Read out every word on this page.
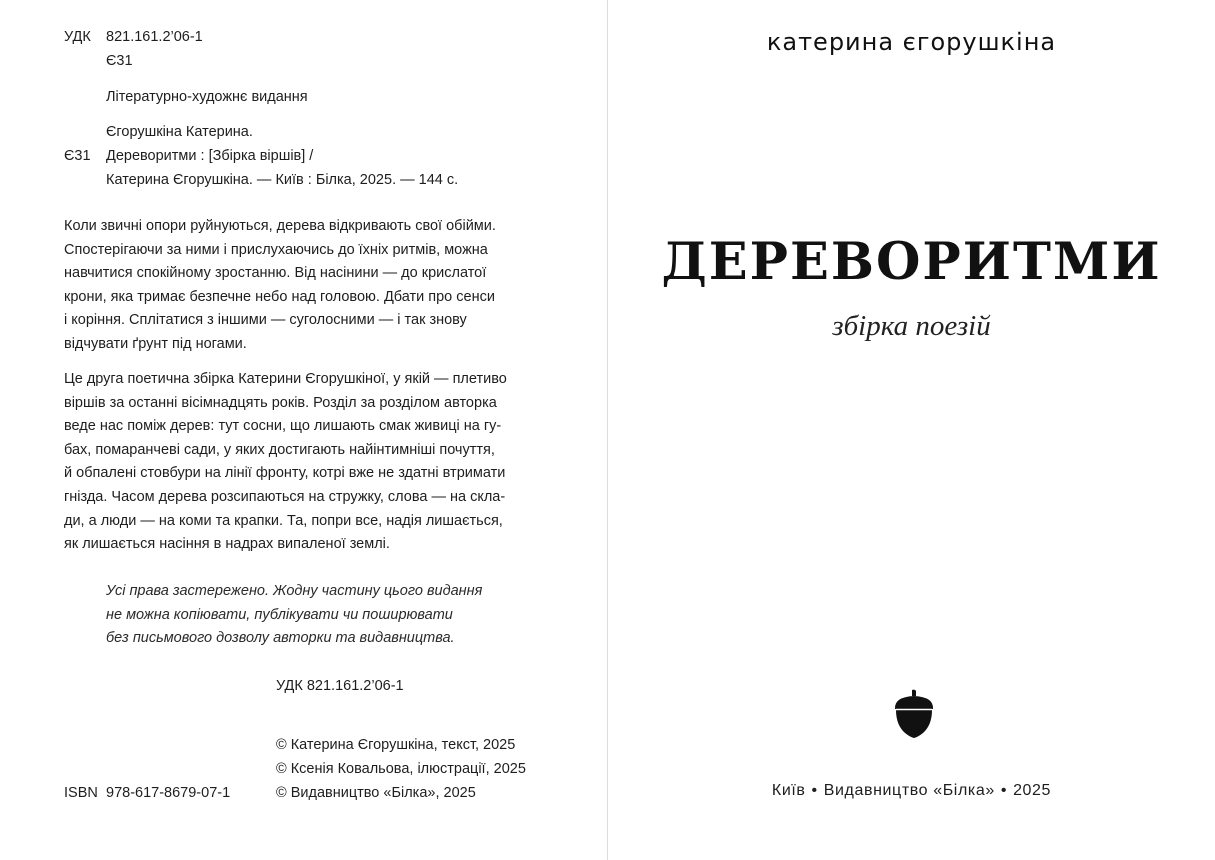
УДК 821.161.2’06-1
Є31
Літературно-художнє видання
Єгорушкіна Катерина.
Є31 Дереворитми : [Збірка віршів] /
Катерина Єгорушкіна. — Київ : Білка, 2025. — 144 с.
Коли звичні опори руйнуються, дерева відкривають свої обійми.
Спостерігаючи за ними і прислухаючись до їхніх ритмів, можна
навчитися спокійному зростанню. Від насінини — до крислатої
крони, яка тримає безпечне небо над головою. Дбати про сенси
і коріння. Сплітатися з іншими — суголосними — і так знову
відчувати ґрунт під ногами.
Це друга поетична збірка Катерини Єгорушкіної, у якій — плетиво
віршів за останні вісімнадцять років. Розділ за розділом авторка
веде нас поміж дерев: тут сосни, що лишають смак живиці на гу-
бах, помаранчеві сади, у яких достигають найінтимніші почуття,
й обпалені стовбури на лінії фронту, котрі вже не здатні втримати
гнізда. Часом дерева розсипаються на стружку, слова — на скла-
ди, а люди — на коми та крапки. Та, попри все, надія лишається,
як лишається насіння в надрах випаленої землі.
Усі права застережено. Жодну частину цього видання
не можна копіювати, публікувати чи поширювати
без письмового дозволу авторки та видавництва.
УДК 821.161.2’06-1
© Катерина Єгорушкіна, текст, 2025
© Ксенія Ковальова, ілюстрації, 2025
© Видавництво «Білка», 2025
ISBN 978-617-8679-07-1
катерина єгорушкіна
ДЕРЕВОРИТМИ
збірка поезій
Київ • Видавництво «Білка» • 2025
